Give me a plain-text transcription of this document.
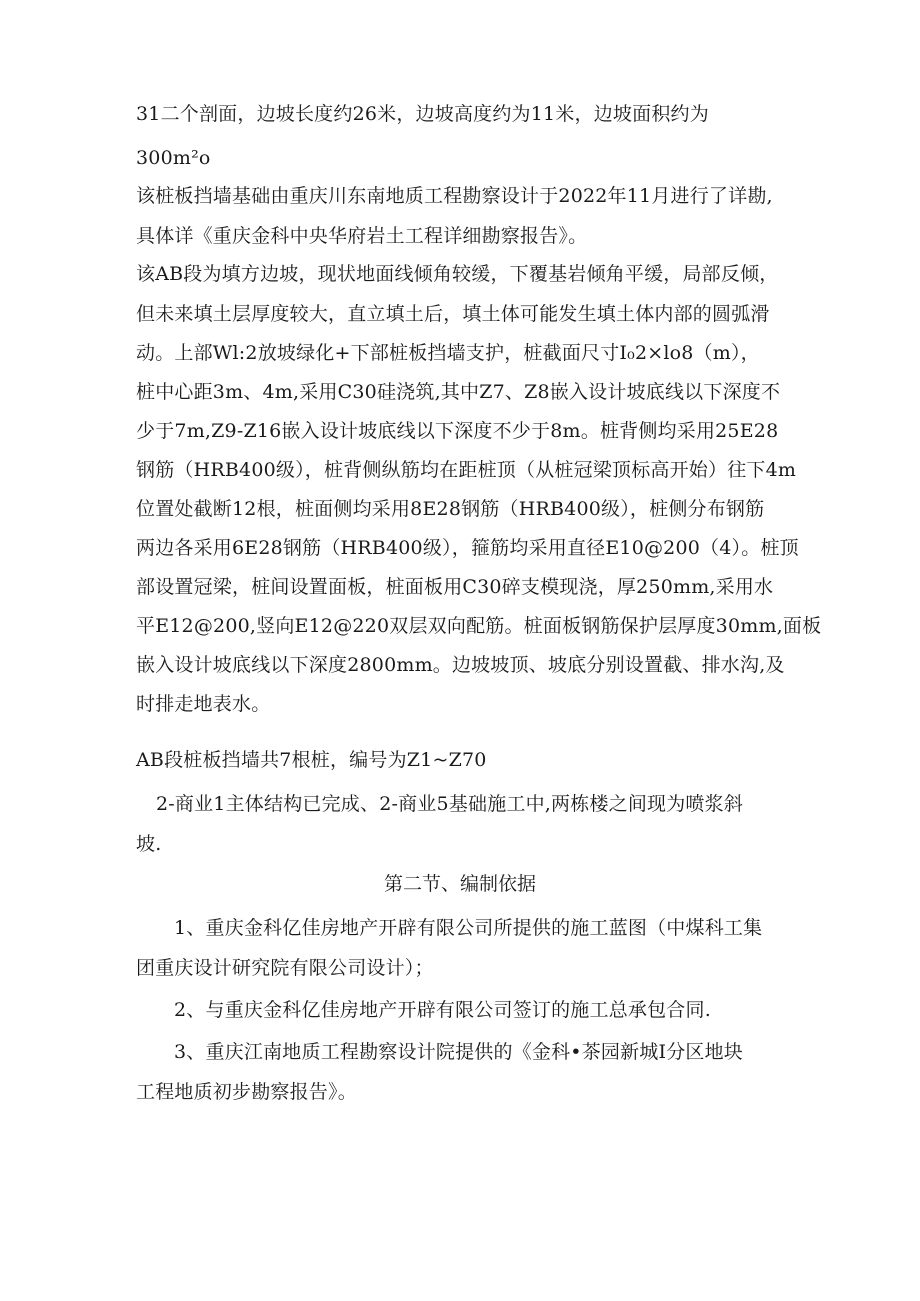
31二个剖面，边坡长度约26米，边坡高度约为11米，边坡面积约为
300m²o
该桩板挡墙基础由重庆川东南地质工程勘察设计于2022年11月进行了详勘,
具体详《重庆金科中央华府岩土工程详细勘察报告》。
该AB段为填方边坡，现状地面线倾角较缓，下覆基岩倾角平缓，局部反倾，
但未来填土层厚度较大，直立填土后，填土体可能发生填土体内部的圆弧滑
动。上部Wl:2放坡绿化+下部桩板挡墙支护，桩截面尺寸I₀2×lo8（m），
桩中心距3m、4m,采用C30硅浇筑,其中Z7、Z8嵌入设计坡底线以下深度不
少于7m,Z9-Z16嵌入设计坡底线以下深度不少于8m。桩背侧均采用25E28
钢筋（HRB400级），桩背侧纵筋均在距桩顶（从桩冠梁顶标高开始）往下4m
位置处截断12根，桩面侧均采用8E28钢筋（HRB400级），桩侧分布钢筋
两边各采用6E28钢筋（HRB400级），箍筋均采用直径E10@200（4）。桩顶
部设置冠梁，桩间设置面板，桩面板用C30碎支模现浇，厚250mm,采用水
平E12@200,竖向E12@220双层双向配筋。桩面板钢筋保护层厚度30mm,面板
嵌入设计坡底线以下深度2800mm。边坡坡顶、坡底分别设置截、排水沟,及
时排走地表水。
AB段桩板挡墙共7根桩，编号为Z1~Z70
2-商业1主体结构已完成、2-商业5基础施工中,两栋楼之间现为喷浆斜
坡.
第二节、编制依据
1、重庆金科亿佳房地产开辟有限公司所提供的施工蓝图（中煤科工集
团重庆设计研究院有限公司设计）；
2、与重庆金科亿佳房地产开辟有限公司签订的施工总承包合同.
3、重庆江南地质工程勘察设计院提供的《金科•茶园新城I分区地块
工程地质初步勘察报告》。
